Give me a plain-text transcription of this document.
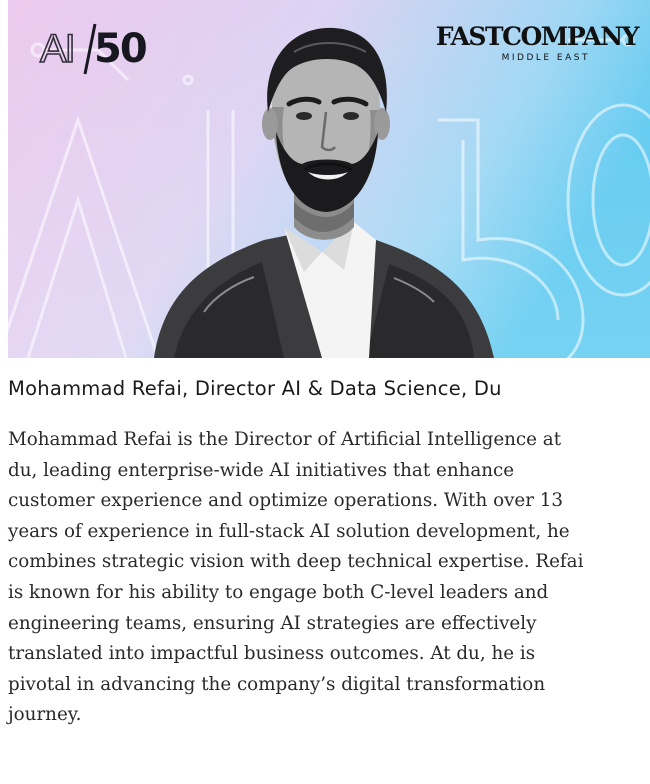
AI 50	FASTCOMPANY
MIDDLE EAST
Mohammad Refai, Director AI & Data Science, Du

Mohammad Refai is the Director of Artificial Intelligence at
du, leading enterprise-wide AI initiatives that enhance
customer experience and optimize operations. With over 13
years of experience in full-stack AI solution development, he
combines strategic vision with deep technical expertise. Refai
is known for his ability to engage both C-level leaders and
engineering teams, ensuring AI strategies are effectively
translated into impactful business outcomes. At du, he is
pivotal in advancing the company’s digital transformation
journey.
